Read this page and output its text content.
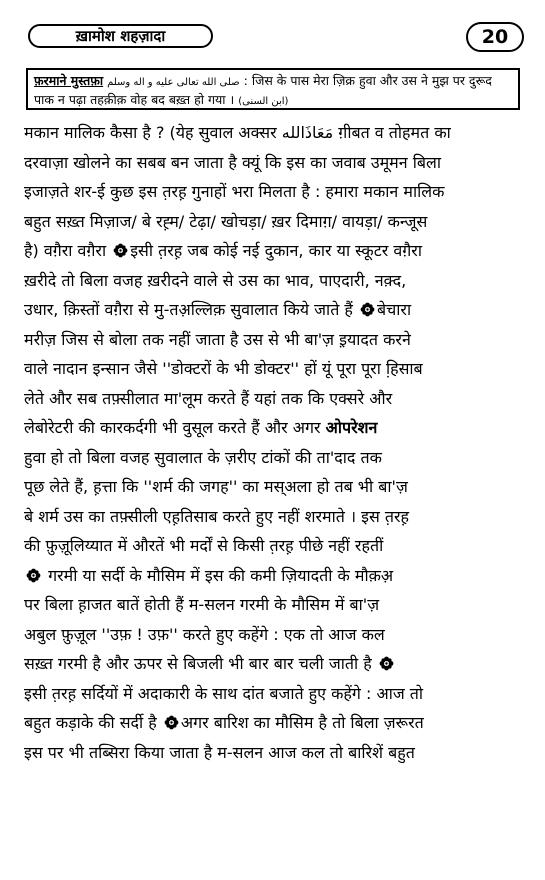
ख़ामोश शहज़ादा	20
फ़रमाने मुस्तफ़ा صلى الله تعالى عليه و اله وسلم : जिस के पास मेरा ज़िक्र हुवा और उस ने मुझ पर दुरूद
पाक न पढ़ा तहक़ीक़ वोह बद बख़्त हो गया । (ابن السنی)
मकान मालिक कैसा है ? (येह सुवाल अक्सर مَعَاذَالله ग़ीबत व तोहमत का
दरवाज़ा खोलने का सबब बन जाता है क्यूं कि इस का जवाब उमूमन बिला
इजाज़ते शर-ई कुछ इस त़रह़ गुनाहों भरा मिलता है : हमारा मकान मालिक
बहुत सख़्त मिज़ाज/ बे रह़्म/ टेढ़ा/ खोचड़ा/ ख़र दिमाग़/ वायड़ा/ कन्जूस
है) वग़ैरा वग़ैरा इसी त़रह़ जब कोई नई दुकान, कार या स्कूटर वग़ैरा
ख़रीदे तो बिला वजह ख़रीदने वाले से उस का भाव, पाएदारी, नक़्द,
उधार, क़िस्तों वग़ैरा से मु-तअ़ल्लिक़ सुवालात किये जाते हैं बेचारा
मरीज़ जिस से बोला तक नहीं जाता है उस से भी बा'ज़ इ़यादत करने
वाले नादान इन्सान जैसे ''डोक्टरों के भी डोक्टर'' हों यूं पूरा पूरा हि़साब
लेते और सब तफ़्सीलात मा'लूम करते हैं यहां तक कि एक्सरे और
लेबोरेटरी की कारकर्दगी भी वुसूल करते हैं और अगर ओपरेशन
हुवा हो तो बिला वजह सुवालात के ज़रीए टांकों की ता'दाद तक
पूछ लेते हैं, ह़त्ता कि ''शर्म की जगह'' का मस्अला हो तब भी बा'ज़
बे शर्म उस का तफ़्सीली एह़तिसाब करते हुए नहीं शरमाते । इस त़रह़
की फ़ुज़ूलिय्यात में औरतें भी मर्दों से किसी त़रह़ पीछे नहीं रहतीं
गरमी या सर्दी के मौसिम में इस की कमी ज़ियादती के मौक़अ़
पर बिला ह़ाजत बातें होती हैं म-सलन गरमी के मौसिम में बा'ज़
अबुल फ़ुज़ूल ''उफ़ ! उफ़'' करते हुए कहेंगे : एक तो आज कल
सख़्त गरमी है और ऊपर से बिजली भी बार बार चली जाती है
इसी त़रह़ सर्दियों में अदाकारी के साथ दांत बजाते हुए कहेंगे : आज तो
बहुत कड़ाके की सर्दी है अगर बारिश का मौसिम है तो बिला ज़रूरत
इस पर भी तब्सिरा किया जाता है म-सलन आज कल तो बारिशें बहुत
